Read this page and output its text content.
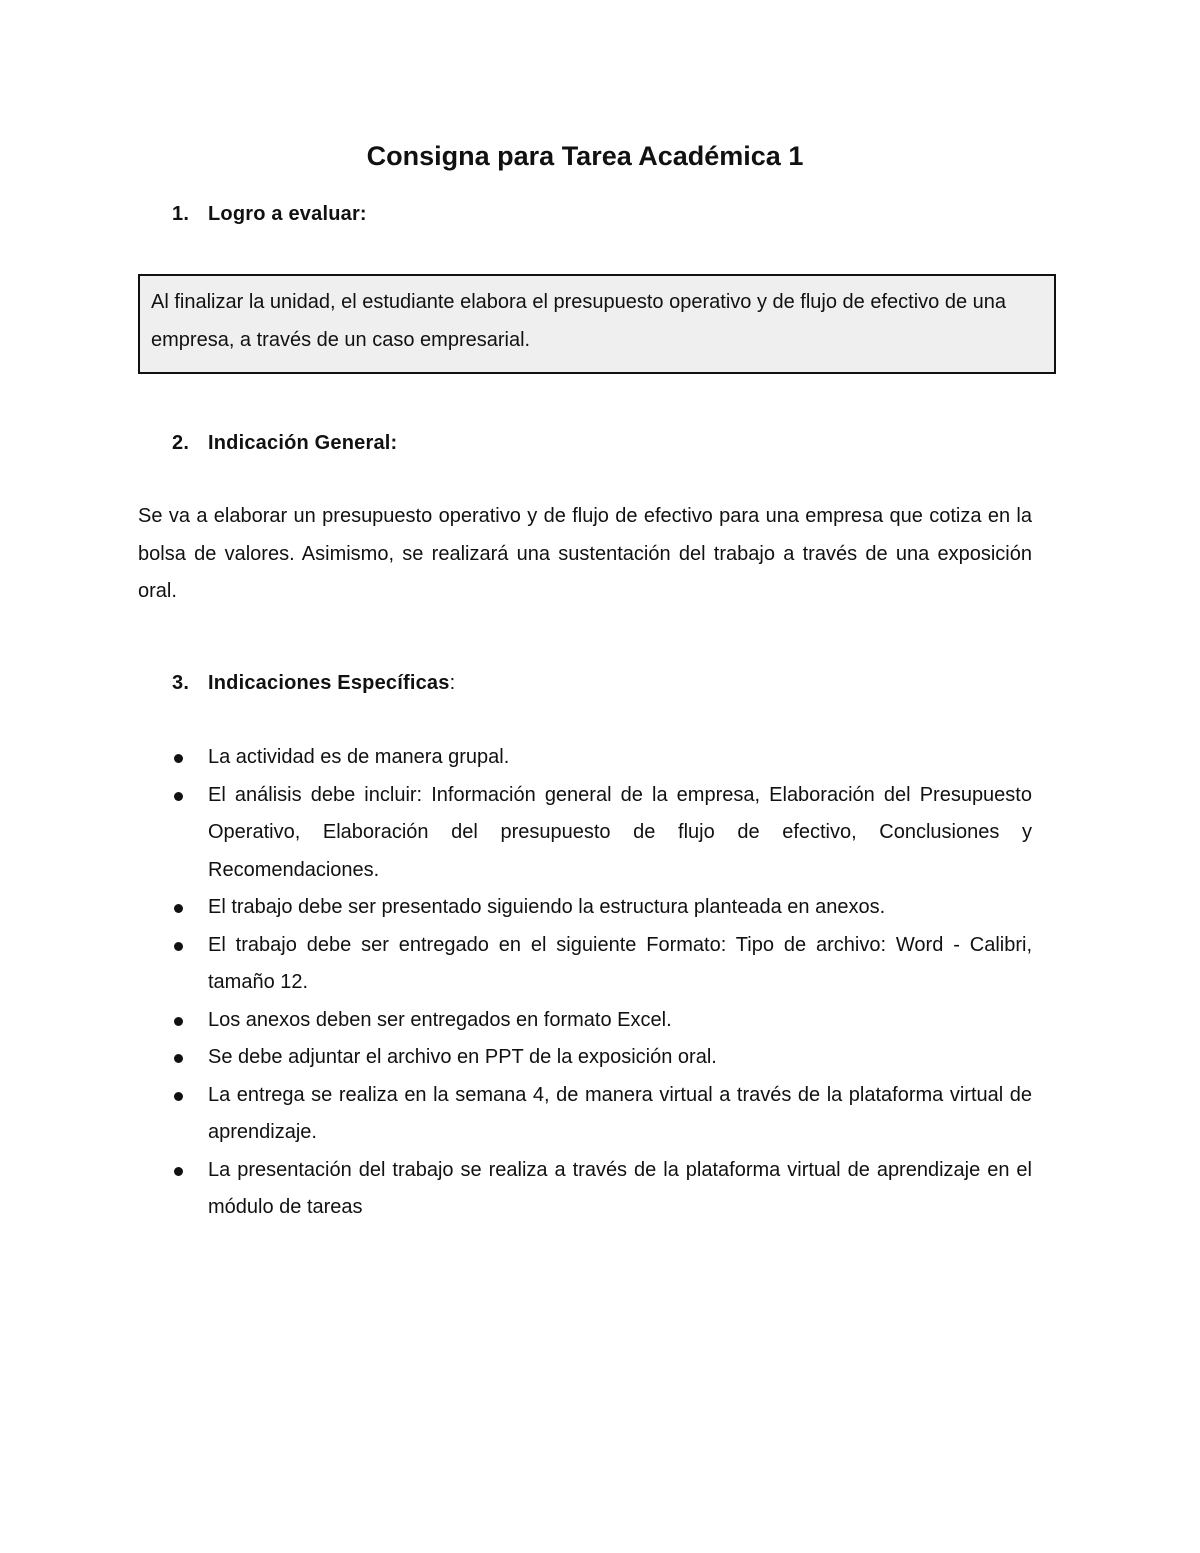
Consigna para Tarea Académica 1
1. Logro a evaluar:
Al finalizar la unidad, el estudiante elabora el presupuesto operativo y de flujo de efectivo de una empresa, a través de un caso empresarial.
2. Indicación General:

Se va a elaborar un presupuesto operativo y de flujo de efectivo para una empresa que cotiza en la bolsa de valores. Asimismo, se realizará una sustentación del trabajo a través de una exposición oral.

3. Indicaciones Específicas:
La actividad es de manera grupal.
El análisis debe incluir: Información general de la empresa, Elaboración del Presupuesto Operativo, Elaboración del presupuesto de flujo de efectivo, Conclusiones y Recomendaciones.
El trabajo debe ser presentado siguiendo la estructura planteada en anexos.
El trabajo debe ser entregado en el siguiente Formato: Tipo de archivo: Word - Calibri, tamaño 12.
Los anexos deben ser entregados en formato Excel.
Se debe adjuntar el archivo en PPT de la exposición oral.
La entrega se realiza en la semana 4, de manera virtual a través de la plataforma virtual de aprendizaje.
La presentación del trabajo se realiza a través de la plataforma virtual de aprendizaje en el módulo de tareas
